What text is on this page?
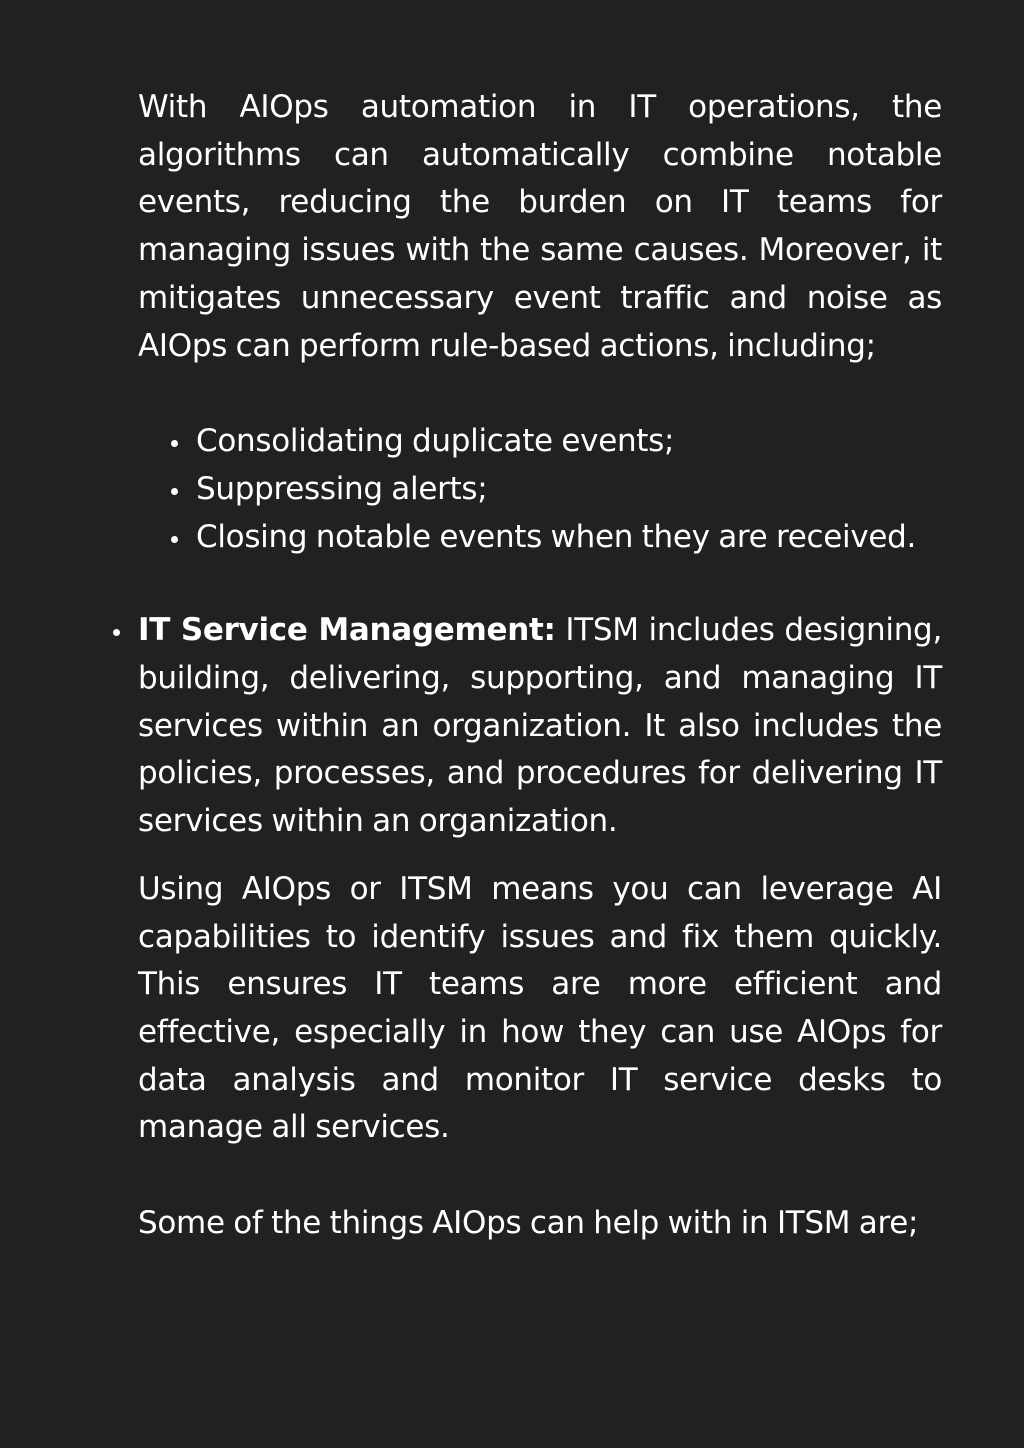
With AIOps automation in IT operations, the algorithms can automatically combine notable events, reducing the burden on IT teams for managing issues with the same causes. Moreover, it mitigates unnecessary event traffic and noise as AIOps can perform rule-based actions, including;

Consolidating duplicate events;
Suppressing alerts;
Closing notable events when they are received.
IT Service Management: ITSM includes designing, building, delivering, supporting, and managing IT services within an organization. It also includes the policies, processes, and procedures for delivering IT services within an organization.

Using AIOps or ITSM means you can leverage AI capabilities to identify issues and fix them quickly. This ensures IT teams are more efficient and effective, especially in how they can use AIOps for data analysis and monitor IT service desks to manage all services.

Some of the things AIOps can help with in ITSM are;
